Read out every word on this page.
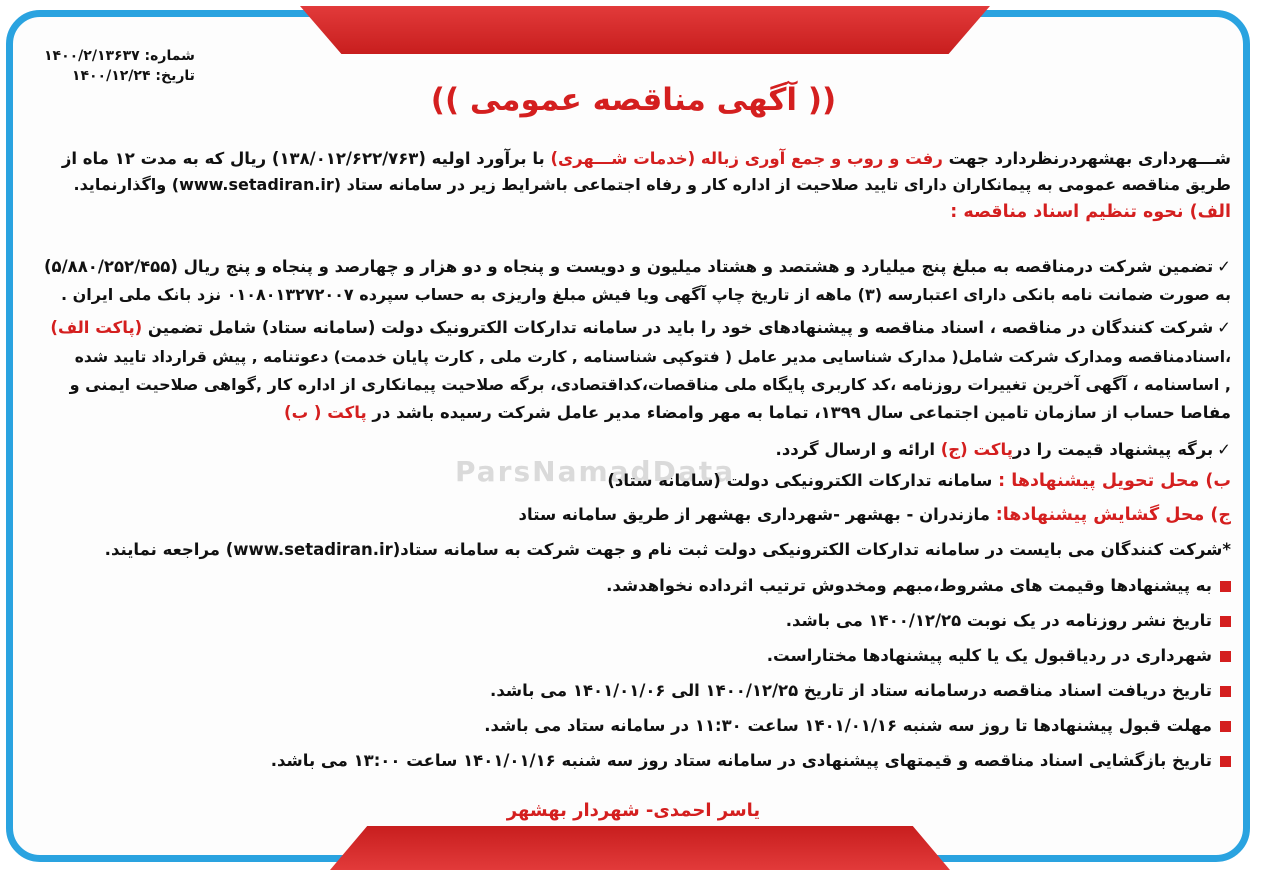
ParsNamadData
شماره: ۱۴۰۰/۲/۱۳۶۳۷
تاریخ: ۱۴۰۰/۱۲/۲۴
(( آگهی مناقصه عمومی ))
شـــهرداری بهشهردرنظردارد جهت رفت و روب و جمع آوری زباله (خدمات شـــهری) با برآورد اولیه (۱۳۸/۰۱۲/۶۲۲/۷۶۳) ریال که به مدت ۱۲ ماه از
طریق مناقصه عمومی به پیمانکاران دارای تایید صلاحیت از اداره کار و رفاه اجتماعی باشرایط زیر در سامانه ستاد (www.setadiran.ir) واگذارنماید.
الف) نحوه تنظیم اسناد مناقصه :
✓تضمین شرکت درمناقصه به مبلغ پنج میلیارد و هشتصد و هشتاد میلیون و دویست و پنجاه و دو هزار و چهارصد و پنجاه و پنج ریال (۵/۸۸۰/۲۵۲/۴۵۵)
به صورت ضمانت نامه بانکی دارای اعتبارسه (۳) ماهه از تاریخ چاپ آگهی ویا فیش مبلغ واریزی به حساب سپرده ۰۱۰۸۰۱۳۲۷۲۰۰۷ نزد بانک ملی ایران .
✓شرکت کنندگان در مناقصه ، اسناد مناقصه و پیشنهادهای خود را باید در سامانه تدارکات الکترونیک دولت (سامانه ستاد) شامل تضمین (پاکت الف)
،اسنادمناقصه ومدارک شرکت شامل( مدارک شناسایی مدیر عامل ( فتوکپی شناسنامه , کارت ملی , کارت پایان خدمت) دعوتنامه , پیش قرارداد تایید شده
, اساسنامه ، آگهی آخرین تغییرات روزنامه ،کد کاربری پایگاه ملی مناقصات،کداقتصادی، برگه صلاحیت پیمانکاری از اداره کار ,گواهی صلاحیت ایمنی و
مفاصا حساب از سازمان تامین اجتماعی سال ۱۳۹۹، تماما به مهر وامضاء مدیر عامل شرکت رسیده باشد در پاکت ( ب)
✓برگه پیشنهاد قیمت را درپاکت (ج) ارائه و ارسال گردد.
ب) محل تحویل پیشنهادها : سامانه تدارکات الکترونیکی دولت (سامانه ستاد)
ج) محل گشایش پیشنهادها: مازندران - بهشهر -شهرداری بهشهر از طریق سامانه ستاد
*شرکت کنندگان می بایست در سامانه تدارکات الکترونیکی دولت ثبت نام و جهت شرکت به سامانه ستاد(www.setadiran.ir) مراجعه نمایند.
به پیشنهادها وقیمت های مشروط،مبهم ومخدوش ترتیب اثرداده نخواهدشد.
تاریخ نشر روزنامه در یک نوبت ۱۴۰۰/۱۲/۲۵ می باشد.
شهرداری در ردیاقبول یک یا کلیه پیشنهادها مختاراست.
تاریخ دریافت اسناد مناقصه درسامانه ستاد از تاریخ ۱۴۰۰/۱۲/۲۵ الی ۱۴۰۱/۰۱/۰۶ می باشد.
مهلت قبول پیشنهادها تا روز سه شنبه ۱۴۰۱/۰۱/۱۶ ساعت ۱۱:۳۰ در سامانه ستاد می باشد.
تاریخ بازگشایی اسناد مناقصه و قیمتهای پیشنهادی در سامانه ستاد روز سه شنبه ۱۴۰۱/۰۱/۱۶ ساعت ۱۳:۰۰ می باشد.
یاسر احمدی- شهردار بهشهر
